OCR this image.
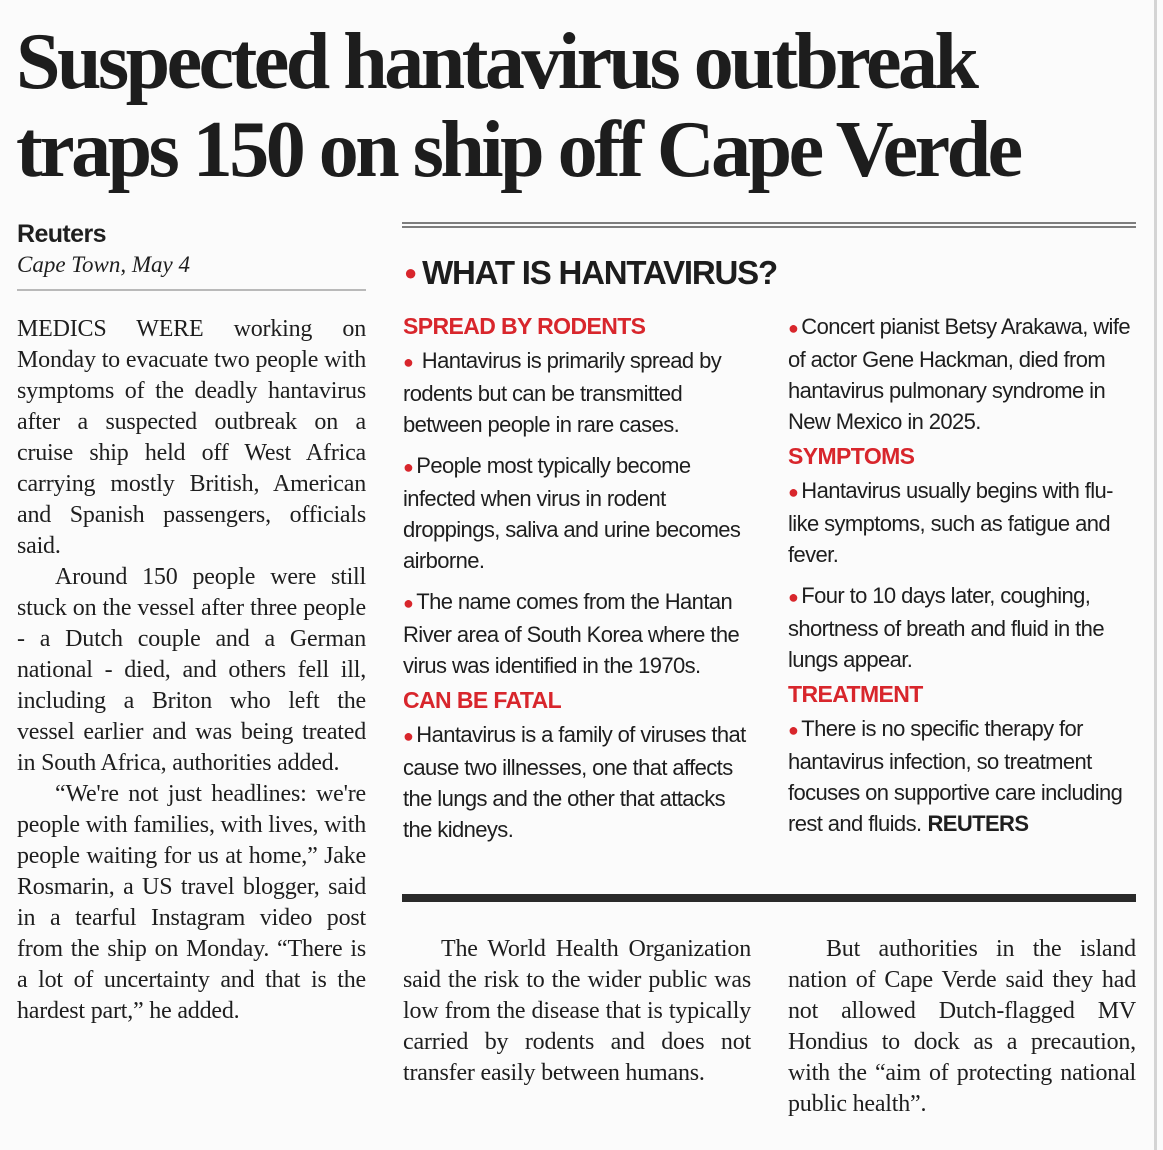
Suspected hantavirus outbreak
traps 150 on ship off Cape Verde
Reuters
Cape Town, May 4

MEDICS WERE working on Monday to evacuate two people with symptoms of the deadly hantavirus after a suspected outbreak on a cruise ship held off West Africa carrying mostly British, American and Spanish passengers, officials said.

Around 150 people were still stuck on the vessel after three people - a Dutch couple and a German national - died, and others fell ill, including a Briton who left the vessel earlier and was being treated in South Africa, authorities added.

“We're not just headlines: we're people with families, with lives, with people waiting for us at home,” Jake Rosmarin, a US travel blogger, said in a tearful Instagram video post from the ship on Monday. “There is a lot of uncertainty and that is the hardest part,” he added.

● WHAT IS HANTAVIRUS?
SPREAD BY RODENTS
● Hantavirus is primarily spread by rodents but can be transmitted between people in rare cases.
● People most typically become infected when virus in rodent droppings, saliva and urine becomes airborne.
● The name comes from the Hantan River area of South Korea where the virus was identified in the 1970s.
CAN BE FATAL
● Hantavirus is a family of viruses that cause two illnesses, one that affects the lungs and the other that attacks the kidneys.
● Concert pianist Betsy Arakawa, wife of actor Gene Hackman, died from hantavirus pulmonary syndrome in New Mexico in 2025.
SYMPTOMS
● Hantavirus usually begins with flu-like symptoms, such as fatigue and fever.
● Four to 10 days later, coughing, shortness of breath and fluid in the lungs appear.
TREATMENT
● There is no specific therapy for hantavirus infection, so treatment focuses on supportive care including rest and fluids. REUTERS

The World Health Organization said the risk to the wider public was low from the disease that is typically carried by rodents and does not transfer easily between humans.

But authorities in the island nation of Cape Verde said they had not allowed Dutch-flagged MV Hondius to dock as a precaution, with the “aim of protecting national public health”.
